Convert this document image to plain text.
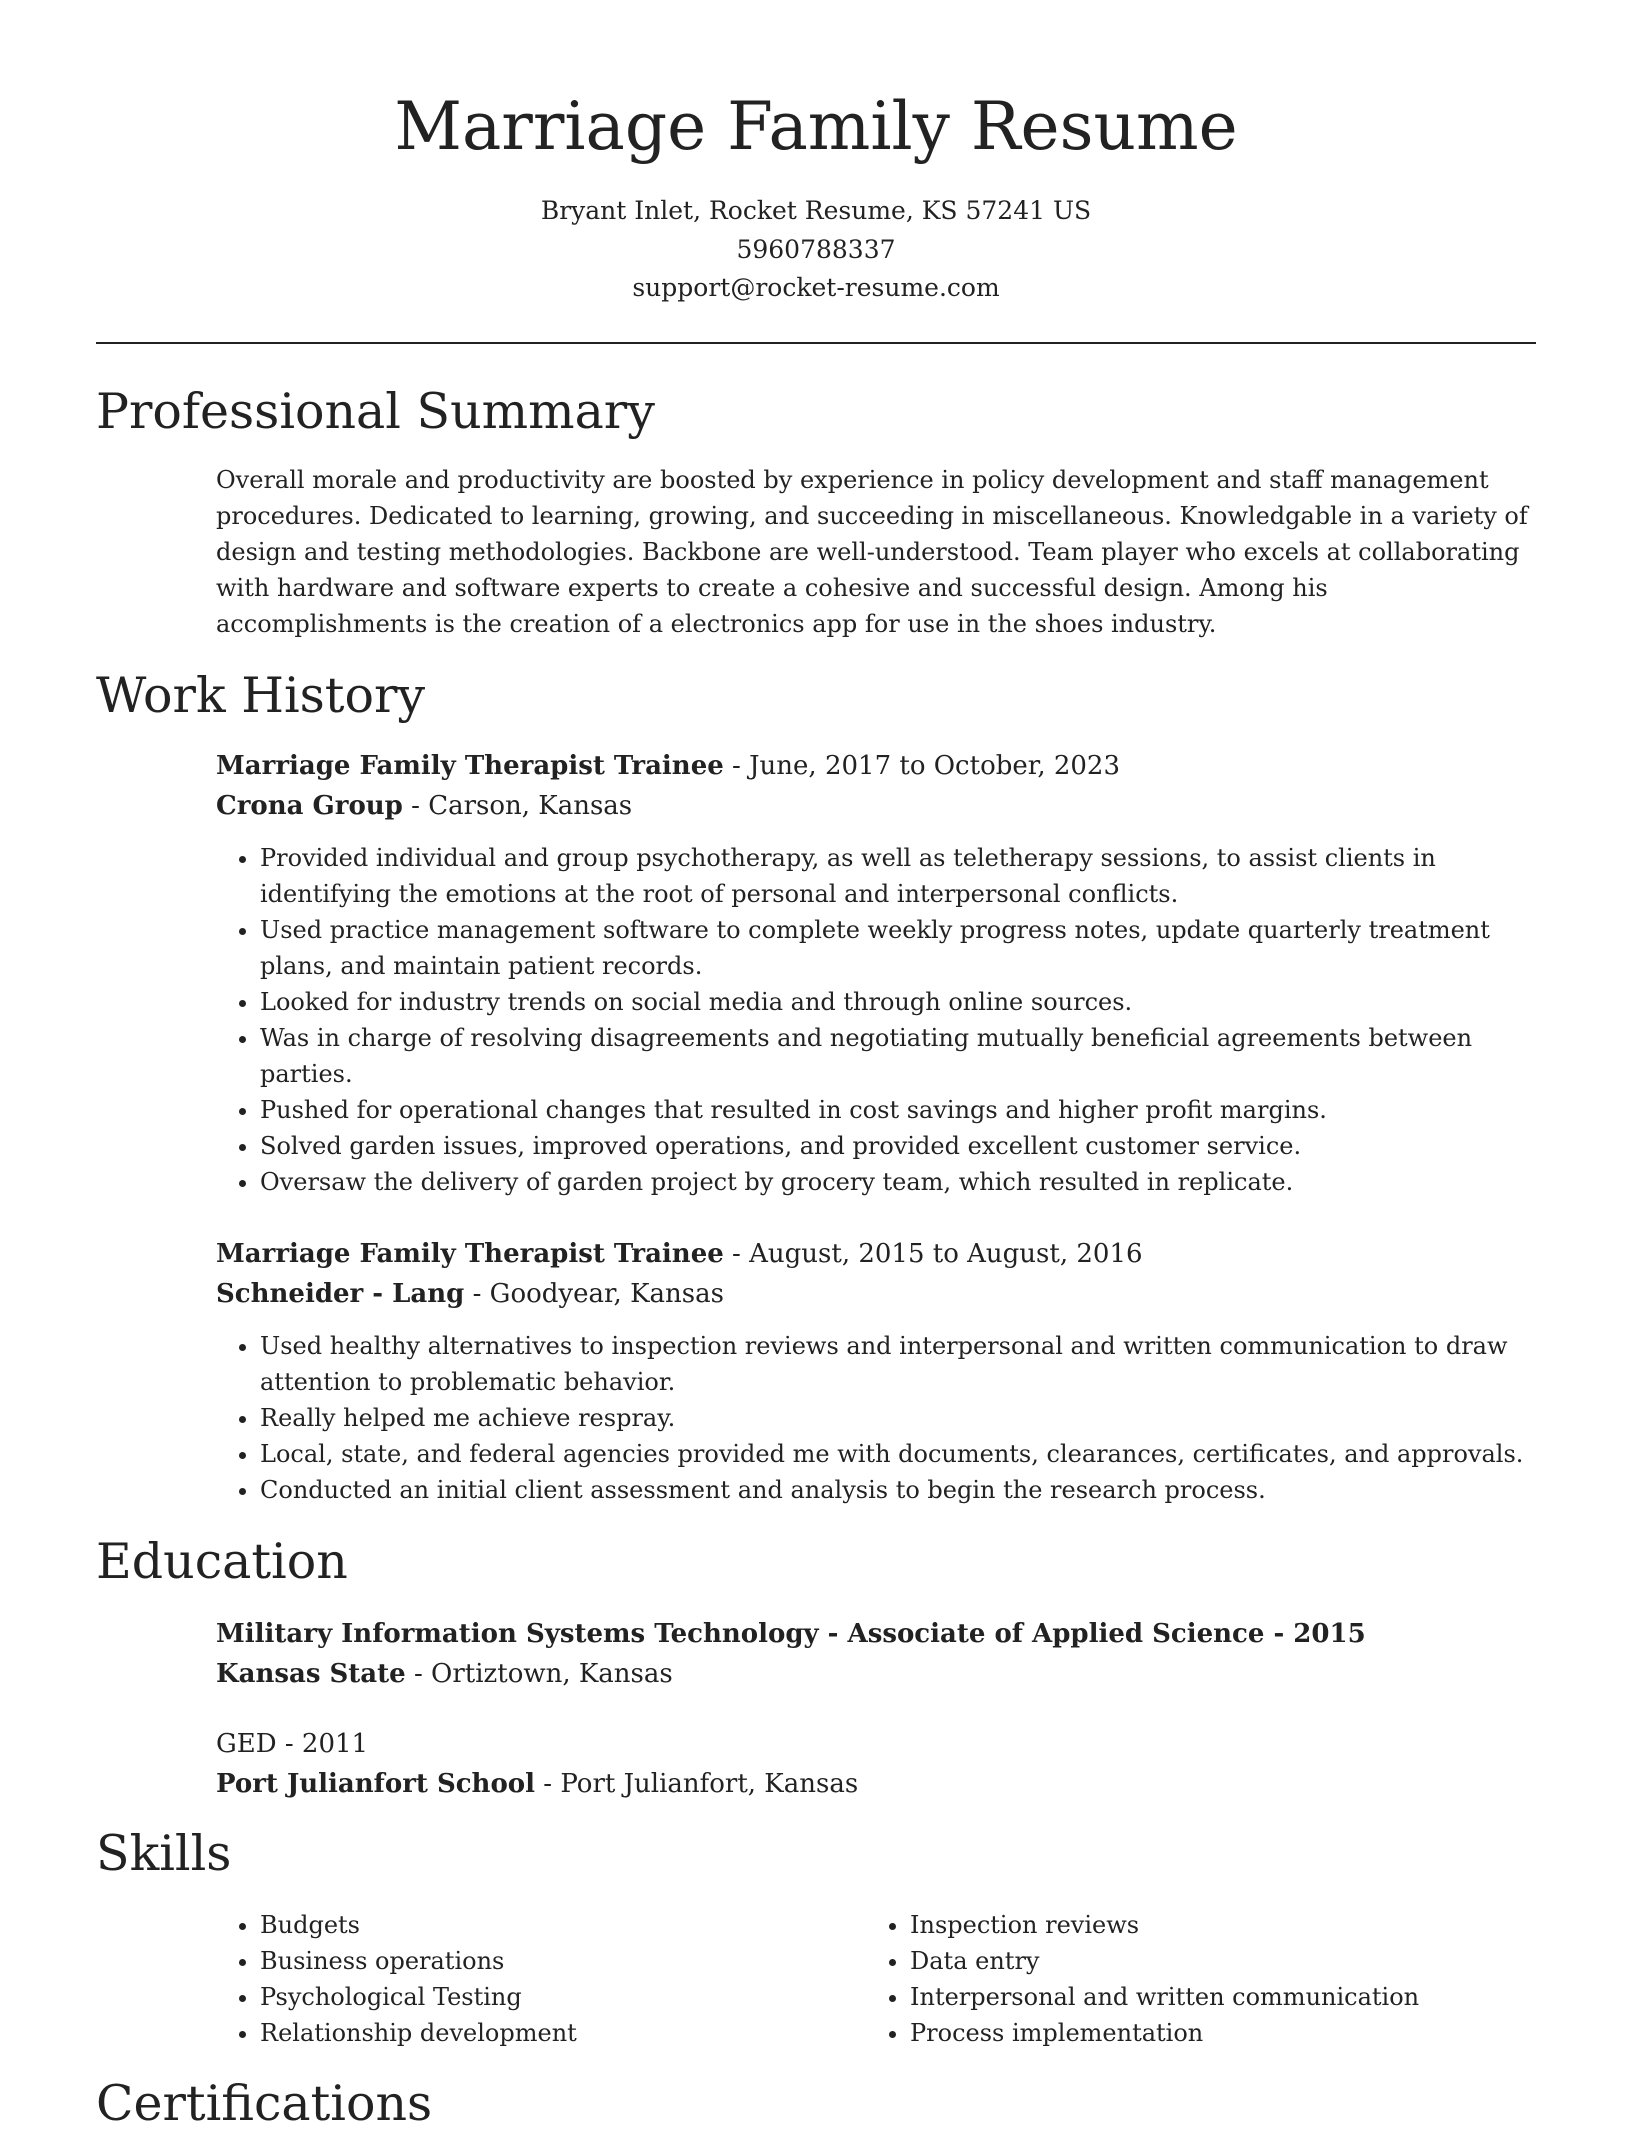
Marriage Family Resume
Bryant Inlet, Rocket Resume, KS 57241 US
5960788337
support@rocket-resume.com
Professional Summary

Overall morale and productivity are boosted by experience in policy development and staff management procedures. Dedicated to learning, growing, and succeeding in miscellaneous. Knowledgable in a variety of design and testing methodologies. Backbone are well-understood. Team player who excels at collaborating with hardware and software experts to create a cohesive and successful design. Among his accomplishments is the creation of a electronics app for use in the shoes industry.

Work History
Marriage Family Therapist Trainee - June, 2017 to October, 2023
Crona Group - Carson, Kansas
• Provided individual and group psychotherapy, as well as teletherapy sessions, to assist clients in identifying the emotions at the root of personal and interpersonal conflicts.
• Used practice management software to complete weekly progress notes, update quarterly treatment plans, and maintain patient records.
• Looked for industry trends on social media and through online sources.
• Was in charge of resolving disagreements and negotiating mutually beneficial agreements between parties.
• Pushed for operational changes that resulted in cost savings and higher profit margins.
• Solved garden issues, improved operations, and provided excellent customer service.
• Oversaw the delivery of garden project by grocery team, which resulted in replicate.
Marriage Family Therapist Trainee - August, 2015 to August, 2016
Schneider - Lang - Goodyear, Kansas
• Used healthy alternatives to inspection reviews and interpersonal and written communication to draw attention to problematic behavior.
• Really helped me achieve respray.
• Local, state, and federal agencies provided me with documents, clearances, certificates, and approvals.
• Conducted an initial client assessment and analysis to begin the research process.
Education
Military Information Systems Technology - Associate of Applied Science - 2015
Kansas State - Ortiztown, Kansas
GED - 2011
Port Julianfort School - Port Julianfort, Kansas
Skills
• Budgets
• Business operations
• Psychological Testing
• Relationship development
• Inspection reviews
• Data entry
• Interpersonal and written communication
• Process implementation
Certifications
